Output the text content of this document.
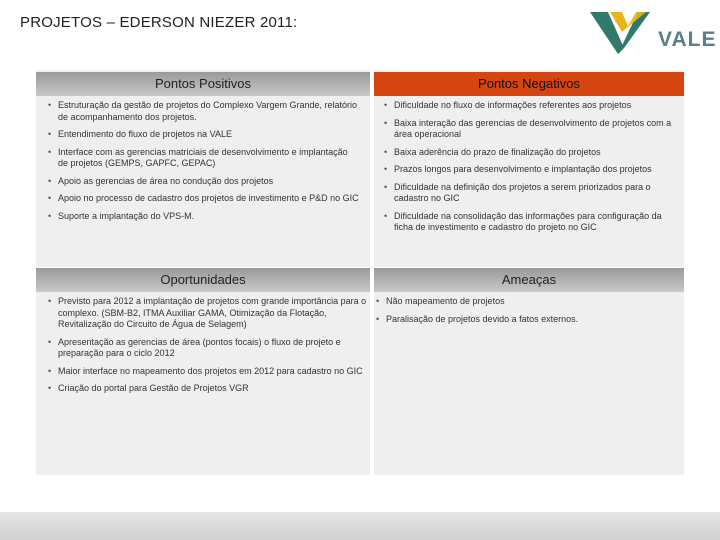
PROJETOS – EDERSON NIEZER 2011:
VALE
Pontos Positivos
• Estruturação da gestão de projetos do Complexo Vargem Grande, relatório de acompanhamento dos projetos.
• Entendimento do fluxo de projetos na VALE
• Interface com as gerencias matriciais de desenvolvimento e implantação de projetos (GEMPS, GAPFC, GEPAC)
• Apoio as gerencias de área no condução dos projetos
• Apoio no processo de cadastro dos projetos de investimento e P&D no GIC
• Suporte a implantação do VPS-M.
Pontos Negativos
• Dificuldade no fluxo de informações referentes aos projetos
• Baixa interação das gerencias de desenvolvimento de projetos com a área operacional
• Baixa aderência do prazo de finalização do projetos
• Prazos longos para desenvolvimento e implantação dos projetos
• Dificuldade na definição dos projetos a serem priorizados para o cadastro no GIC
• Dificuldade na consolidação das informações para configuração da ficha de investimento e cadastro do projeto no GIC
Oportunidades
• Previsto para 2012 a implantação de projetos com grande importância para o complexo. (SBM-B2, ITMA Auxiliar GAMA, Otimização da Flotação, Revitalização do Circuito de Água de Selagem)
• Apresentação as gerencias de área (pontos focais) o fluxo de projeto e preparação para o ciclo 2012
• Maior interface no mapeamento dos projetos em 2012 para cadastro no GIC
• Criação do portal para Gestão de Projetos VGR
Ameaças
• Não mapeamento de projetos
• Paralisação de projetos devido a fatos externos.
